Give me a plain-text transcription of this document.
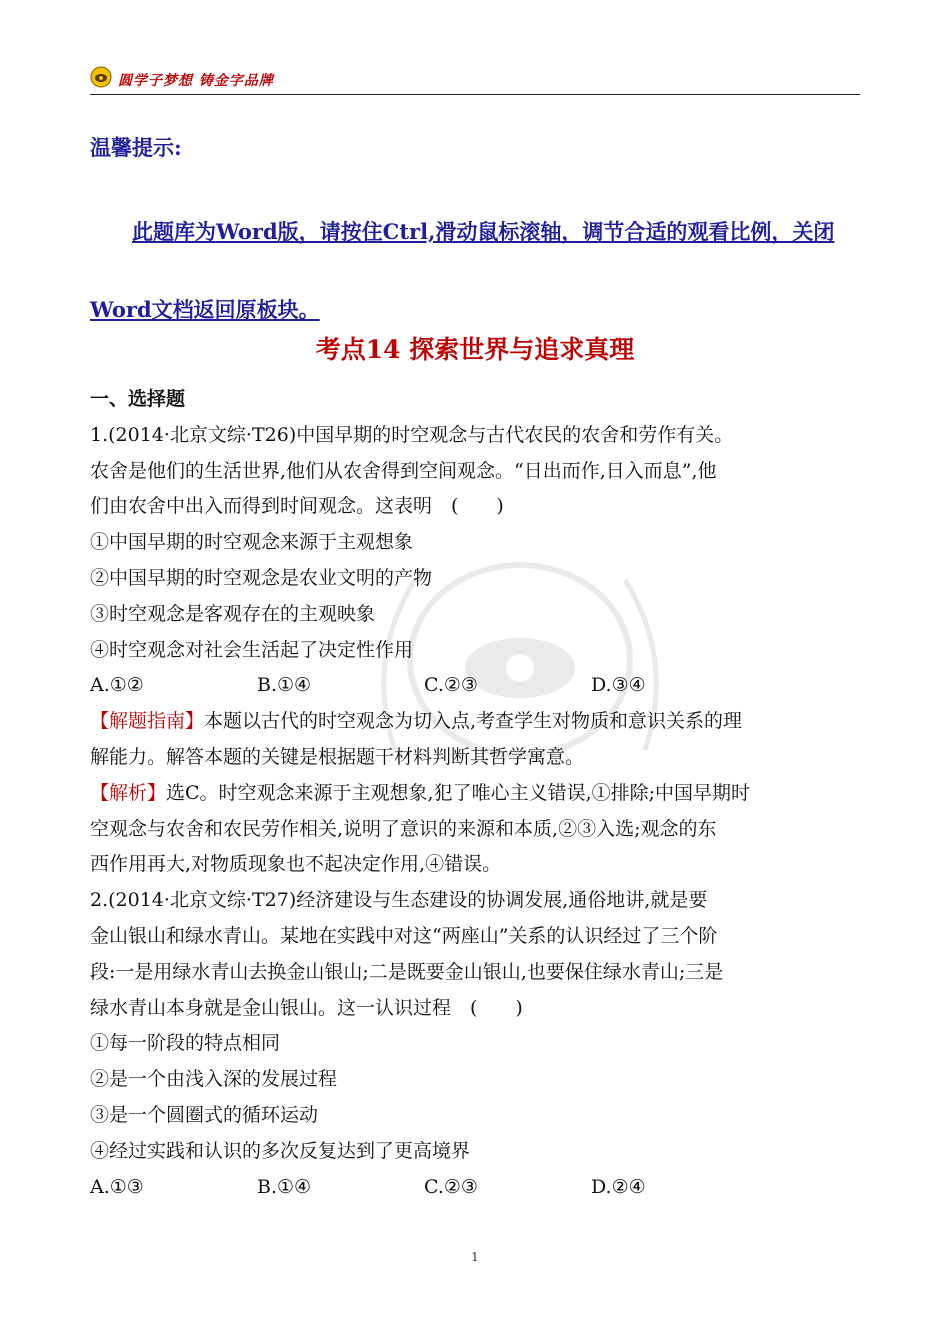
圆学子梦想 铸金字品牌
温馨提示:
此题库为Word版，请按住Ctrl,滑动鼠标滚轴，调节合适的观看比例，关闭Word文档返回原板块。
考点14 探索世界与追求真理
一、选择题
1.(2014·北京文综·T26)中国早期的时空观念与古代农民的农舍和劳作有关。
农舍是他们的生活世界,他们从农舍得到空间观念。“日出而作,日入而息”,他
们由农舍中出入而得到时间观念。这表明　(　　)
①中国早期的时空观念来源于主观想象
②中国早期的时空观念是农业文明的产物
③时空观念是客观存在的主观映象
④时空观念对社会生活起了决定性作用
A.①②	B.①④	C.②③	D.③④
【解题指南】本题以古代的时空观念为切入点,考查学生对物质和意识关系的理
解能力。解答本题的关键是根据题干材料判断其哲学寓意。
【解析】选C。时空观念来源于主观想象,犯了唯心主义错误,①排除;中国早期时
空观念与农舍和农民劳作相关,说明了意识的来源和本质,②③入选;观念的东
西作用再大,对物质现象也不起决定作用,④错误。
2.(2014·北京文综·T27)经济建设与生态建设的协调发展,通俗地讲,就是要
金山银山和绿水青山。某地在实践中对这“两座山”关系的认识经过了三个阶
段:一是用绿水青山去换金山银山;二是既要金山银山,也要保住绿水青山;三是
绿水青山本身就是金山银山。这一认识过程　(　　)
①每一阶段的特点相同
②是一个由浅入深的发展过程
③是一个圆圈式的循环运动
④经过实践和认识的多次反复达到了更高境界
A.①③	B.①④	C.②③	D.②④
1
